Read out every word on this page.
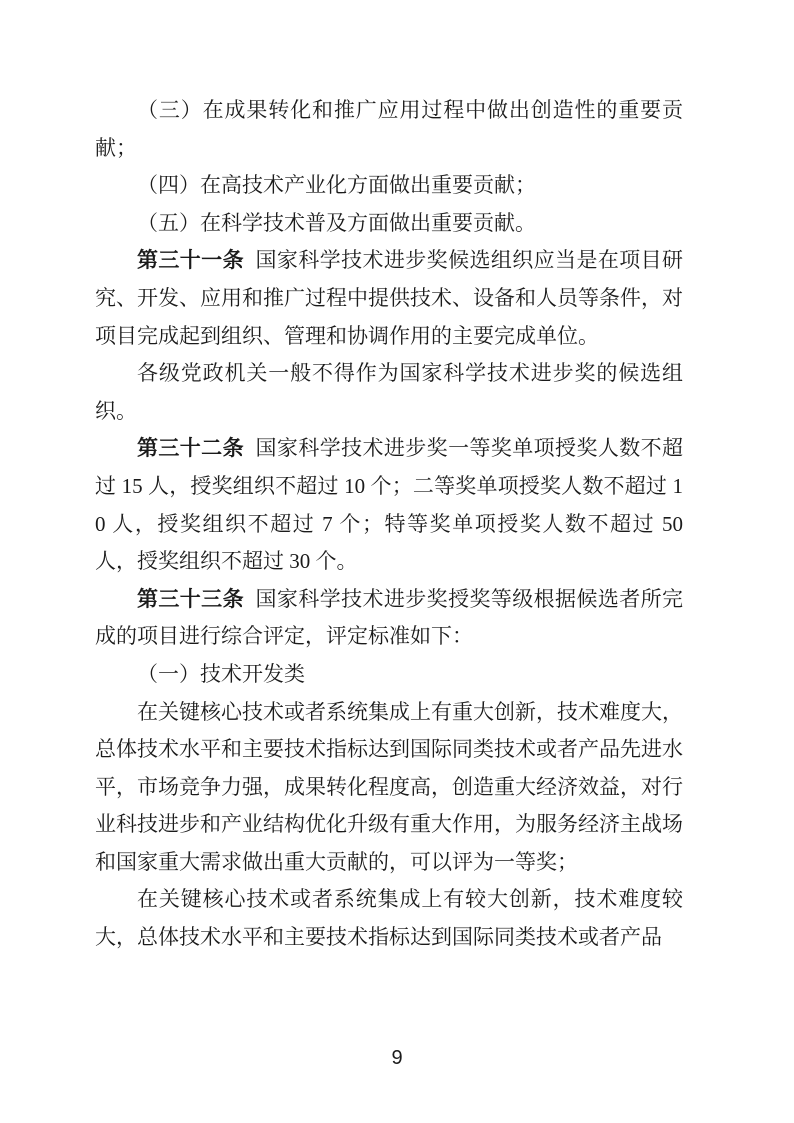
（三）在成果转化和推广应用过程中做出创造性的重要贡献；

（四）在高技术产业化方面做出重要贡献；

（五）在科学技术普及方面做出重要贡献。

第三十一条 国家科学技术进步奖候选组织应当是在项目研究、开发、应用和推广过程中提供技术、设备和人员等条件，对项目完成起到组织、管理和协调作用的主要完成单位。

各级党政机关一般不得作为国家科学技术进步奖的候选组织。

第三十二条 国家科学技术进步奖一等奖单项授奖人数不超过 15 人，授奖组织不超过 10 个；二等奖单项授奖人数不超过 10 人，授奖组织不超过 7 个；特等奖单项授奖人数不超过 50 人，授奖组织不超过 30 个。

第三十三条 国家科学技术进步奖授奖等级根据候选者所完成的项目进行综合评定，评定标准如下：

（一）技术开发类

在关键核心技术或者系统集成上有重大创新，技术难度大，总体技术水平和主要技术指标达到国际同类技术或者产品先进水平，市场竞争力强，成果转化程度高，创造重大经济效益，对行业科技进步和产业结构优化升级有重大作用，为服务经济主战场和国家重大需求做出重大贡献的，可以评为一等奖；

在关键核心技术或者系统集成上有较大创新，技术难度较大，总体技术水平和主要技术指标达到国际同类技术或者产品

9
